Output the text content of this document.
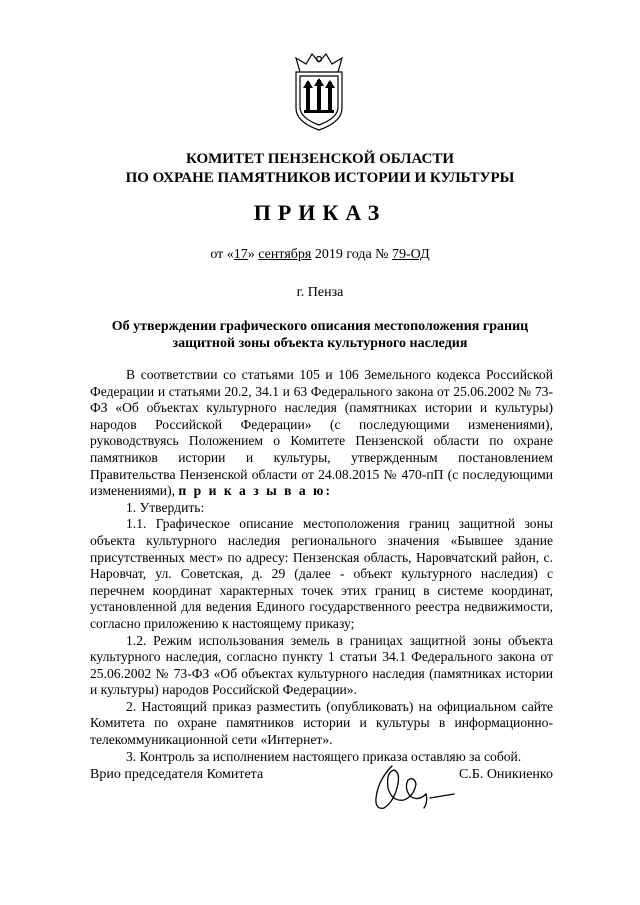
КОМИТЕТ ПЕНЗЕНСКОЙ ОБЛАСТИ
ПО ОХРАНЕ ПАМЯТНИКОВ ИСТОРИИ И КУЛЬТУРЫ
ПРИКАЗ
от «17» сентября 2019 года № 79-ОД
г. Пенза
Об утверждении графического описания местоположения границ
защитной зоны объекта культурного наследия

В соответствии со статьями 105 и 106 Земельного кодекса Российской Федерации и статьями 20.2, 34.1 и 63 Федерального закона от 25.06.2002 № 73-ФЗ «Об объектах культурного наследия (памятниках истории и культуры) народов Российской Федерации» (с последующими изменениями), руководствуясь Положением о Комитете Пензенской области по охране памятников истории и культуры, утвержденным постановлением Правительства Пензенской области от 24.08.2015 № 470-пП (с последующими изменениями), п р и к а з ы в а ю:

1. Утвердить:

1.1. Графическое описание местоположения границ защитной зоны объекта культурного наследия регионального значения «Бывшее здание присутственных мест» по адресу: Пензенская область, Наровчатский район, с. Наровчат, ул. Советская, д. 29 (далее - объект культурного наследия) с перечнем координат характерных точек этих границ в системе координат, установленной для ведения Единого государственного реестра недвижимости, согласно приложению к настоящему приказу;

1.2. Режим использования земель в границах защитной зоны объекта культурного наследия, согласно пункту 1 статьи 34.1 Федерального закона от 25.06.2002 № 73-ФЗ «Об объектах культурного наследия (памятниках истории и культуры) народов Российской Федерации».

2. Настоящий приказ разместить (опубликовать) на официальном сайте Комитета по охране памятников истории и культуры в информационно-телекоммуникационной сети «Интернет».

3. Контроль за исполнением настоящего приказа оставляю за собой.

Врио председателя Комитета	С.Б. Оникиенко
